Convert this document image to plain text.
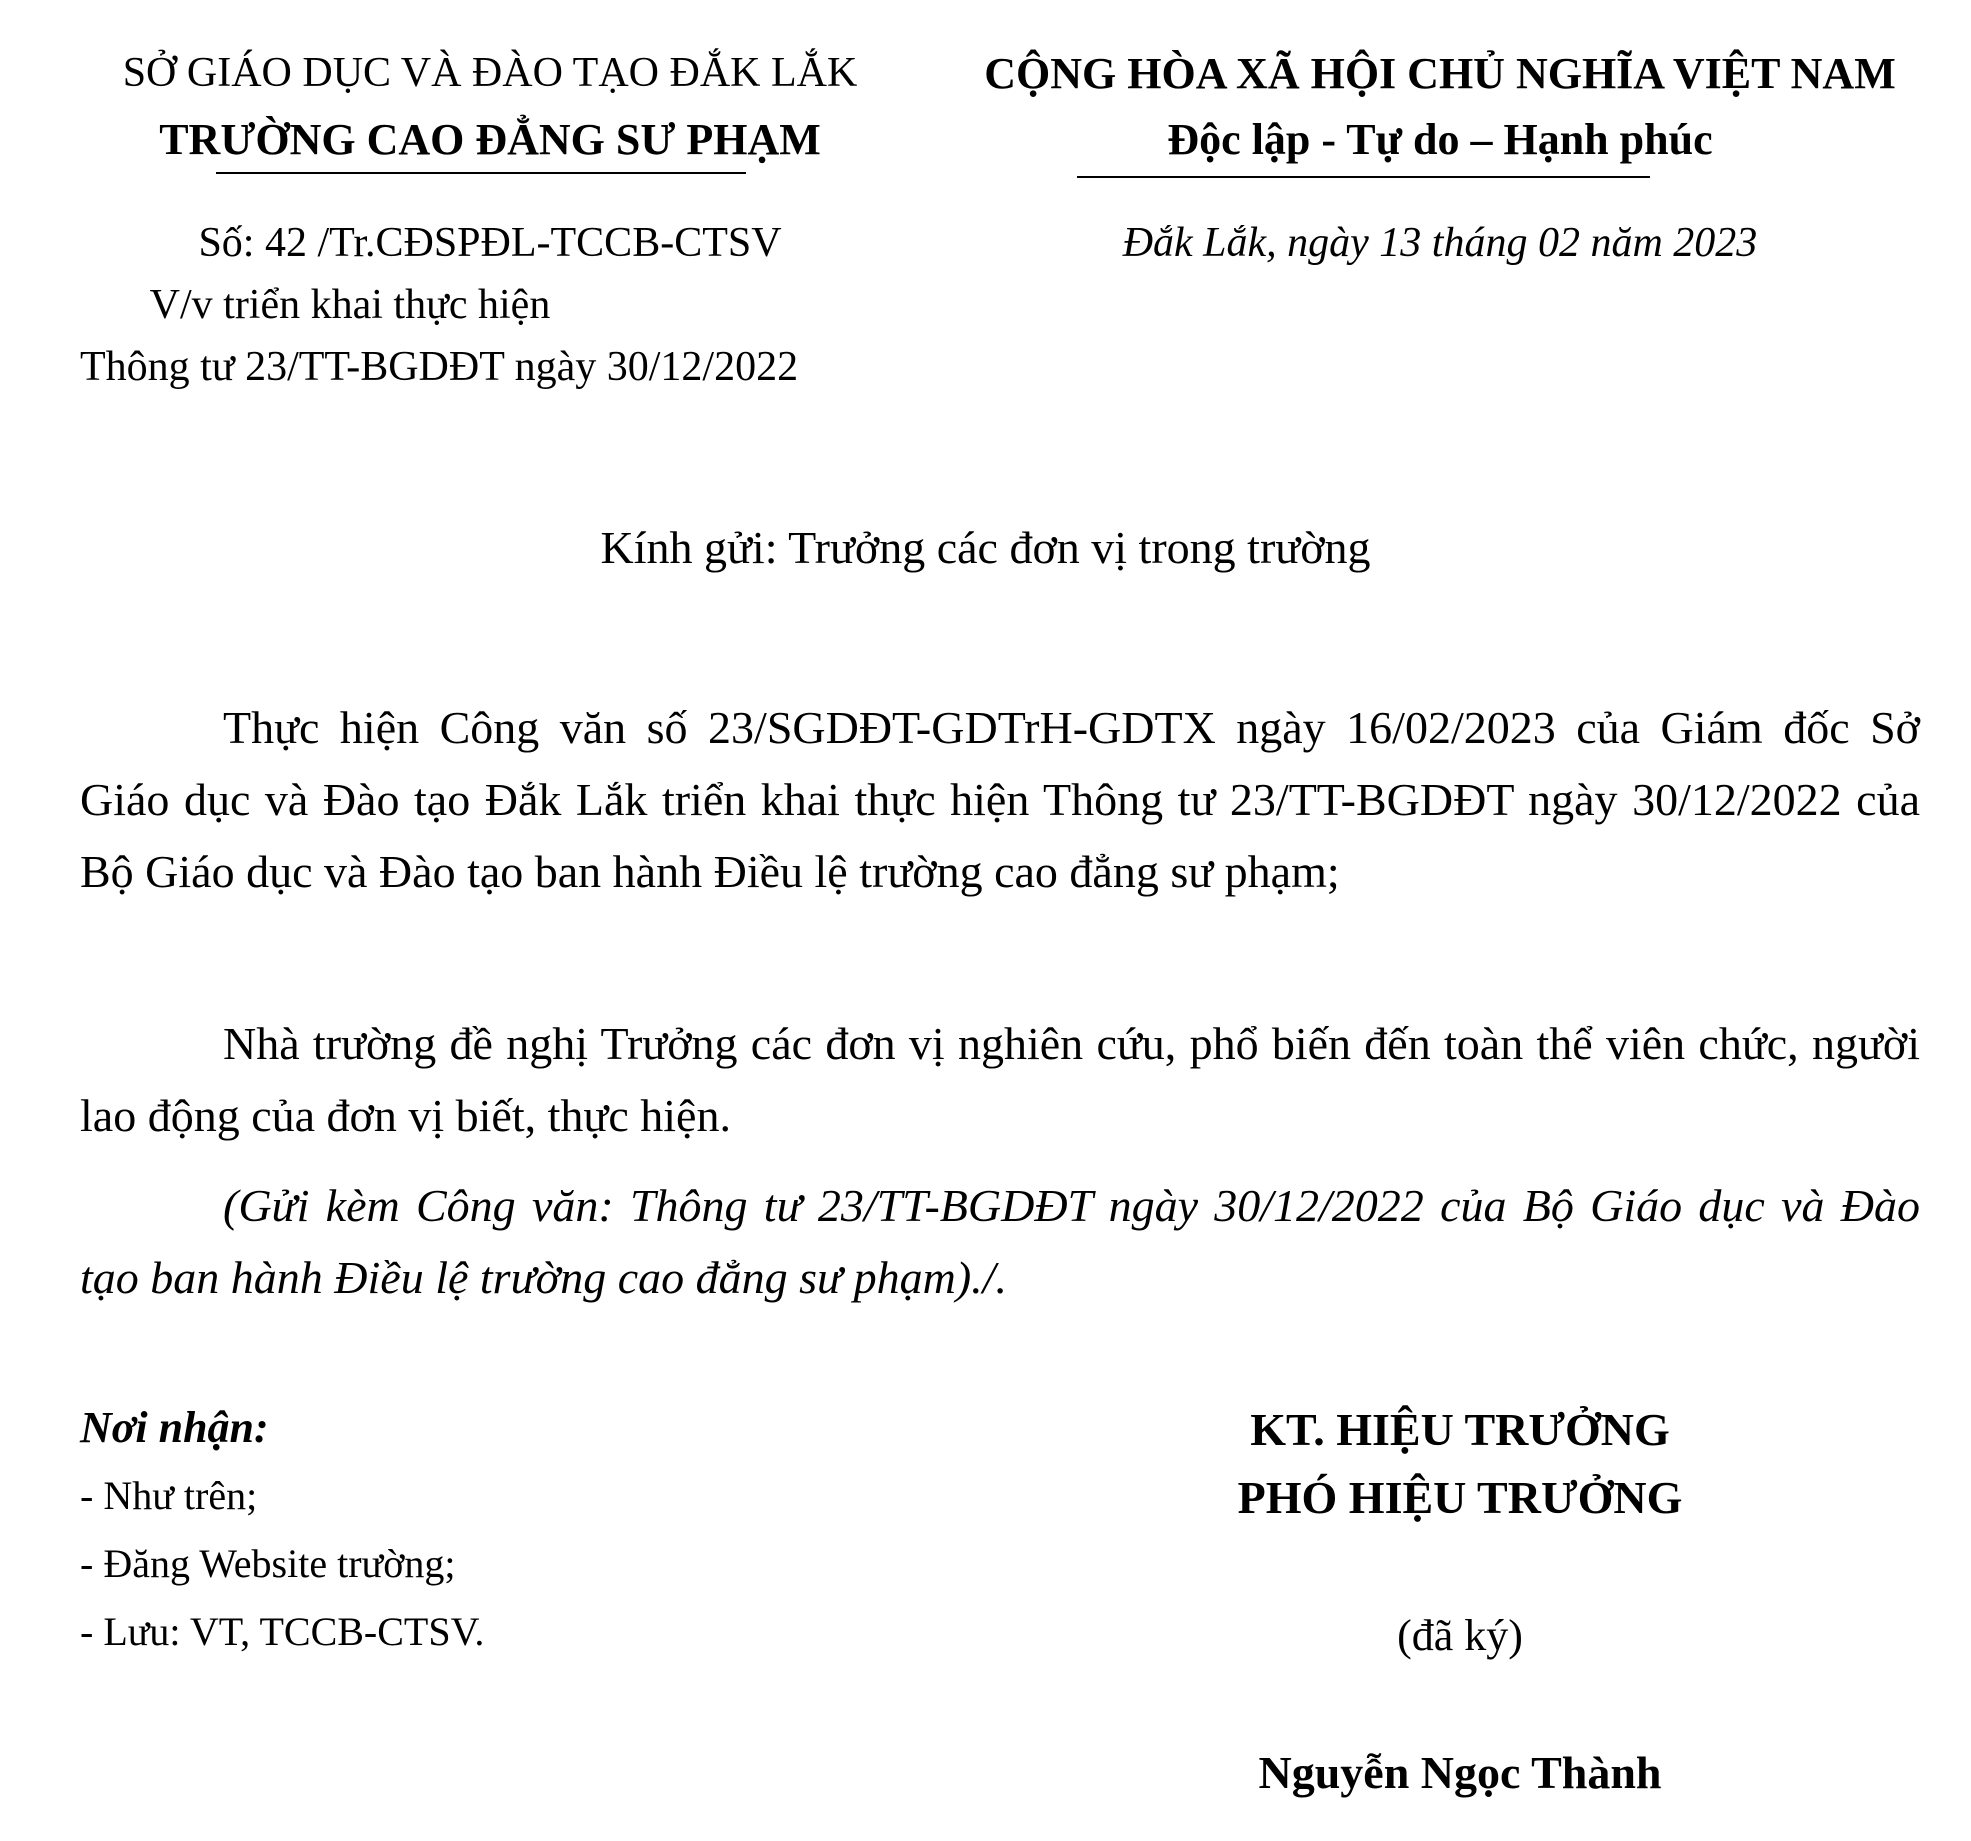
SỞ GIÁO DỤC VÀ ĐÀO TẠO ĐẮK LẮK
TRƯỜNG CAO ĐẲNG SƯ PHẠM
Số: 42 /Tr.CĐSPĐL-TCCB-CTSV
V/v triển khai thực hiện
Thông tư 23/TT-BGDĐT ngày 30/12/2022
CỘNG HÒA XÃ HỘI CHỦ NGHĨA VIỆT NAM
Độc lập - Tự do – Hạnh phúc
Đắk Lắk, ngày 13 tháng 02 năm 2023
Kính gửi: Trưởng các đơn vị trong trường

Thực hiện Công văn số 23/SGDĐT-GDTrH-GDTX ngày 16/02/2023 của Giám đốc Sở Giáo dục và Đào tạo Đắk Lắk triển khai thực hiện Thông tư 23/TT-BGDĐT ngày 30/12/2022 của Bộ Giáo dục và Đào tạo ban hành Điều lệ trường cao đẳng sư phạm;

Nhà trường đề nghị Trưởng các đơn vị nghiên cứu, phổ biến đến toàn thể viên chức, người lao động của đơn vị biết, thực hiện.

(Gửi kèm Công văn: Thông tư 23/TT-BGDĐT ngày 30/12/2022 của Bộ Giáo dục và Đào tạo ban hành Điều lệ trường cao đẳng sư phạm)./.

Nơi nhận:
- Như trên;
- Đăng Website trường;
- Lưu: VT, TCCB-CTSV.
KT. HIỆU TRƯỞNG
PHÓ HIỆU TRƯỞNG
(đã ký)
Nguyễn Ngọc Thành
